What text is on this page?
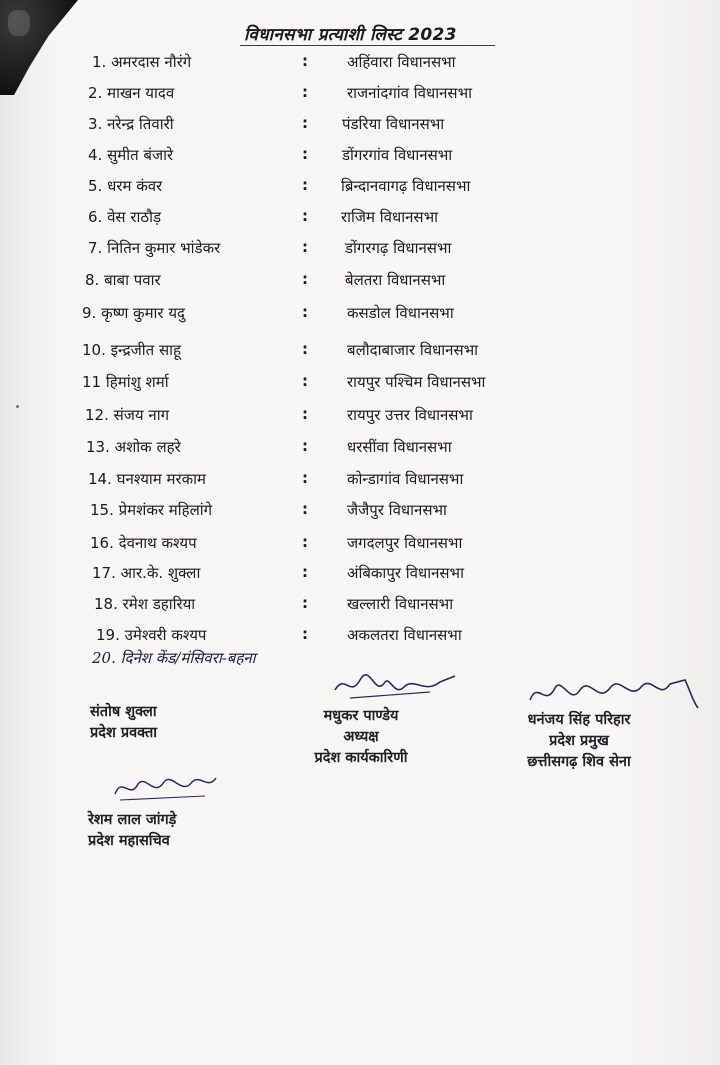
विधानसभा प्रत्याशी लिस्ट 2023
1. अमरदास नौरंगे	:	अहिंवारा विधानसभा
2. माखन यादव	:	राजनांदगांव विधानसभा
3. नरेन्द्र तिवारी	: पंडरिया विधानसभा
4. सुमीत बंजारे	: डोंगरगांव विधानसभा
5. धरम कंवर	: ब्रिन्दानवागढ़ विधानसभा
6. वेस राठौड़	: राजिम विधानसभा
7. नितिन कुमार भांडेकर	: डोंगरगढ़ विधानसभा
8. बाबा पवार	: बेलतरा विधानसभा
9. कृष्ण कुमार यदु	:	कसडोल विधानसभा
10. इन्द्रजीत साहू	:	बलौदाबाजार विधानसभा
11 हिमांशु शर्मा	:	रायपुर पश्चिम विधानसभा
12. संजय नाग	:	रायपुर उत्तर विधानसभा
13. अशोक लहरे	:	धरसींवा विधानसभा
14. घनश्याम मरकाम	:	कोन्डागांव विधानसभा
15. प्रेमशंकर महिलांगे	:	जैजैपुर विधानसभा
16. देवनाथ कश्यप	:	जगदलपुर विधानसभा
17. आर.के. शुक्ला	:	अंबिकापुर विधानसभा
18. रमेश डहारिया	:	खल्लारी विधानसभा
19. उमेश्वरी कश्यप	:	अकलतरा विधानसभा
20. दिनेश केंड/मंसिवरा-बहना
संतोष शुक्ला
प्रदेश प्रवक्ता
मधुकर पाण्डेय
अध्यक्ष
प्रदेश कार्यकारिणी
धनंजय सिंह परिहार
प्रदेश प्रमुख
छत्तीसगढ़ शिव सेना
रेशम लाल जांगड़े
प्रदेश महासचिव
